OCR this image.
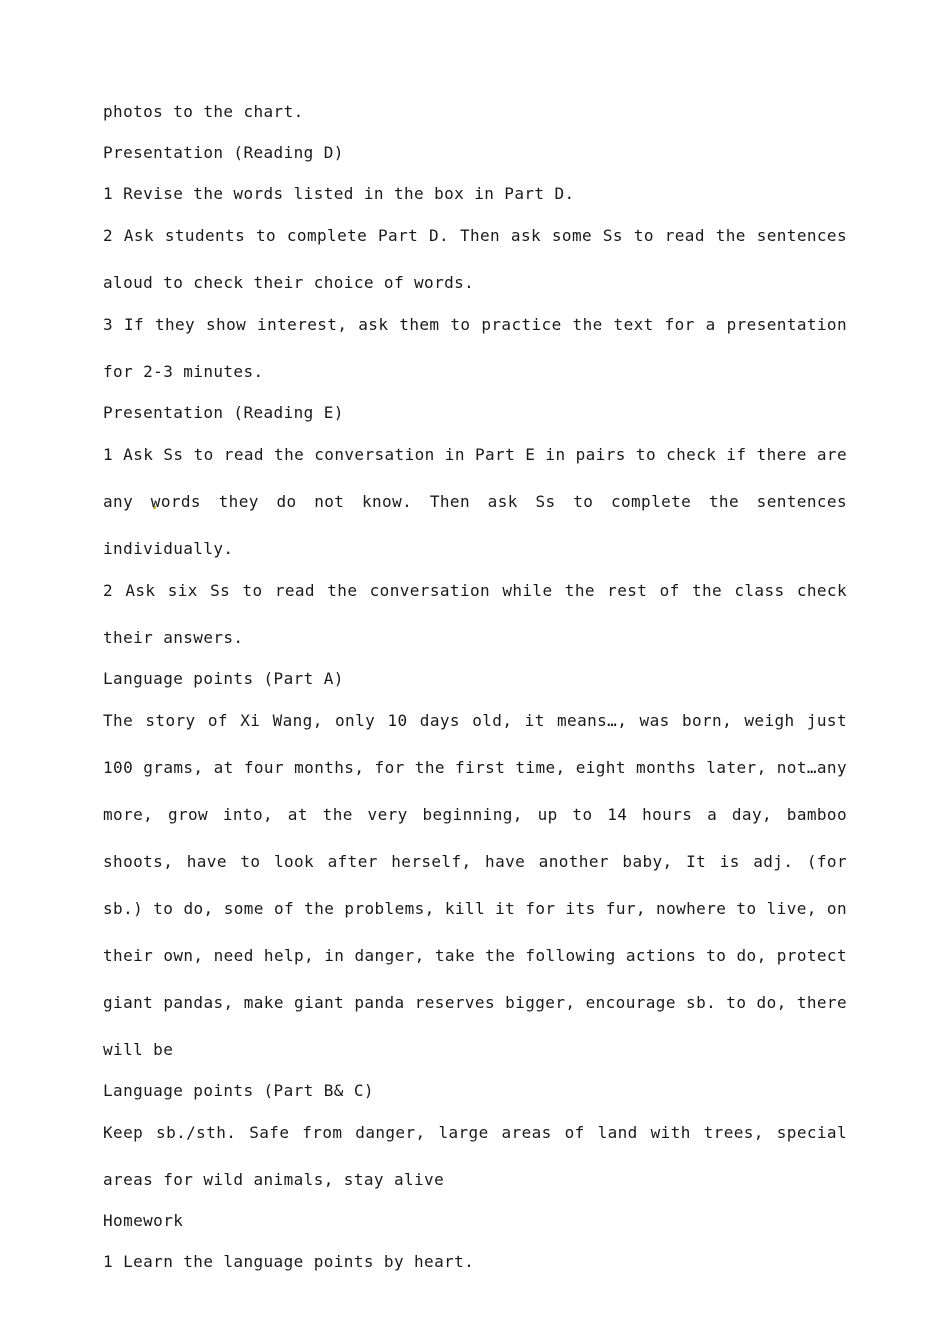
photos to the chart.
Presentation (Reading D)
1 Revise the words listed in the box in Part D.
2 Ask students to complete Part D. Then ask some Ss to read the sentences aloud to check their choice of words.
3 If they show interest, ask them to practice the text for a presentation for 2-3 minutes.
Presentation (Reading E)
1 Ask Ss to read the conversation in Part E in pairs to check if there are any words they do not know. Then ask Ss to complete the sentences individually.
2 Ask six Ss to read the conversation while the rest of the class check their answers.
Language points (Part A)
The story of Xi Wang, only 10 days old, it means…, was born, weigh just 100 grams, at four months, for the first time, eight months later, not…any more, grow into, at the very beginning, up to 14 hours a day, bamboo shoots, have to look after herself, have another baby, It is adj. (for sb.) to do, some of the problems, kill it for its fur, nowhere to live, on their own, need help, in danger, take the following actions to do, protect giant pandas, make giant panda reserves bigger, encourage sb. to do, there will be
Language points (Part B& C)
Keep sb./sth. Safe from danger, large areas of land with trees, special areas for wild animals, stay alive
Homework
1 Learn the language points by heart.
